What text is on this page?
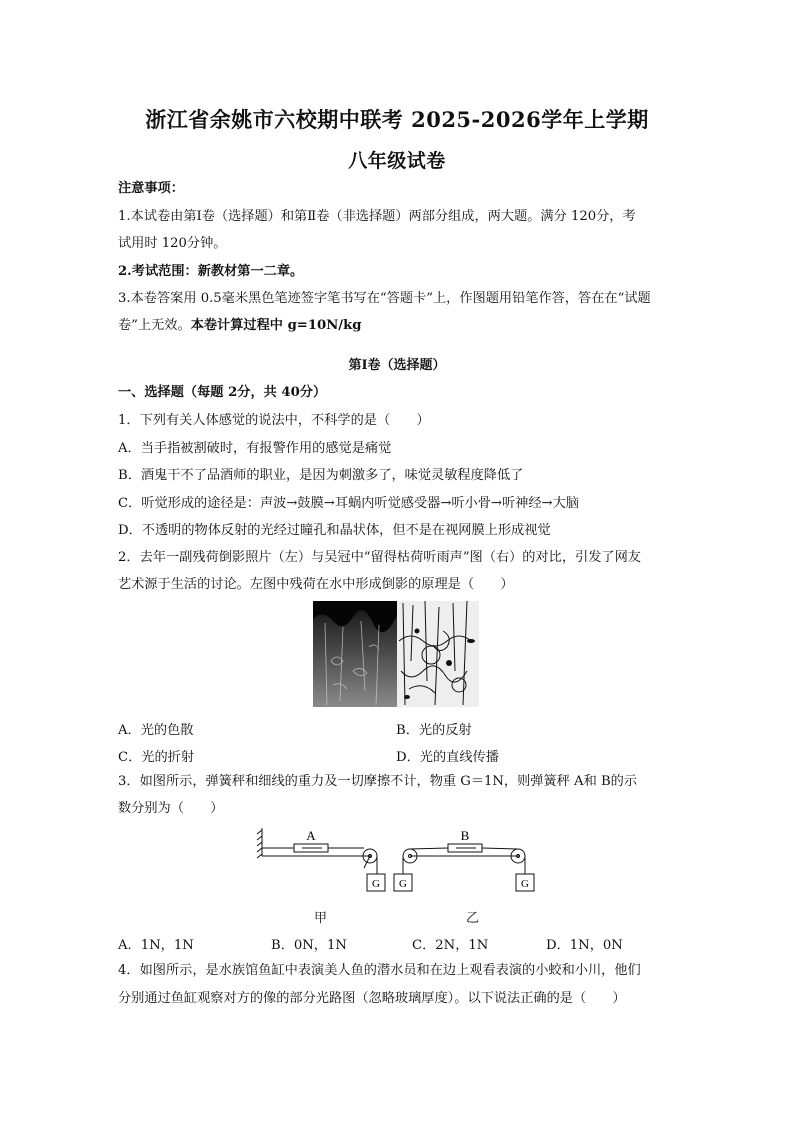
浙江省余姚市六校期中联考 2025-2026学年上学期
八年级试卷
注意事项：
1.本试卷由第Ⅰ卷（选择题）和第Ⅱ卷（非选择题）两部分组成，两大题。满分 120分，考
试用时 120分钟。
2.考试范围：新教材第一二章。
3.本卷答案用 0.5毫米黑色笔迹签字笔书写在“答题卡”上，作图题用铅笔作答，答在在“试题
卷”上无效。本卷计算过程中 g=10N/kg
第Ⅰ卷（选择题）
一、选择题（每题 2分，共 40分）
1．下列有关人体感觉的说法中，不科学的是（　　）
A．当手指被割破时，有报警作用的感觉是痛觉
B．酒鬼干不了品酒师的职业，是因为刺激多了，味觉灵敏程度降低了
C．听觉形成的途径是：声波→鼓膜→耳蜗内听觉感受器→听小骨→听神经→大脑
D．不透明的物体反射的光经过瞳孔和晶状体，但不是在视网膜上形成视觉
2．去年一副残荷倒影照片（左）与吴冠中“留得枯荷听雨声”图（右）的对比，引发了网友
艺术源于生活的讨论。左图中残荷在水中形成倒影的原理是（　　）
A．光的色散	B．光的反射
C．光的折射	D．光的直线传播
3．如图所示，弹簧秤和细线的重力及一切摩擦不计，物重 G＝1N，则弹簧秤 A和 B的示
数分别为（　　）
A	B
G G	G
甲	乙
A．1N，1N	B．0N，1N	C．2N，1N	D．1N，0N
4．如图所示，是水族馆鱼缸中表演美人鱼的潜水员和在边上观看表演的小蛟和小川，他们
分别通过鱼缸观察对方的像的部分光路图（忽略玻璃厚度）。以下说法正确的是（　　）
